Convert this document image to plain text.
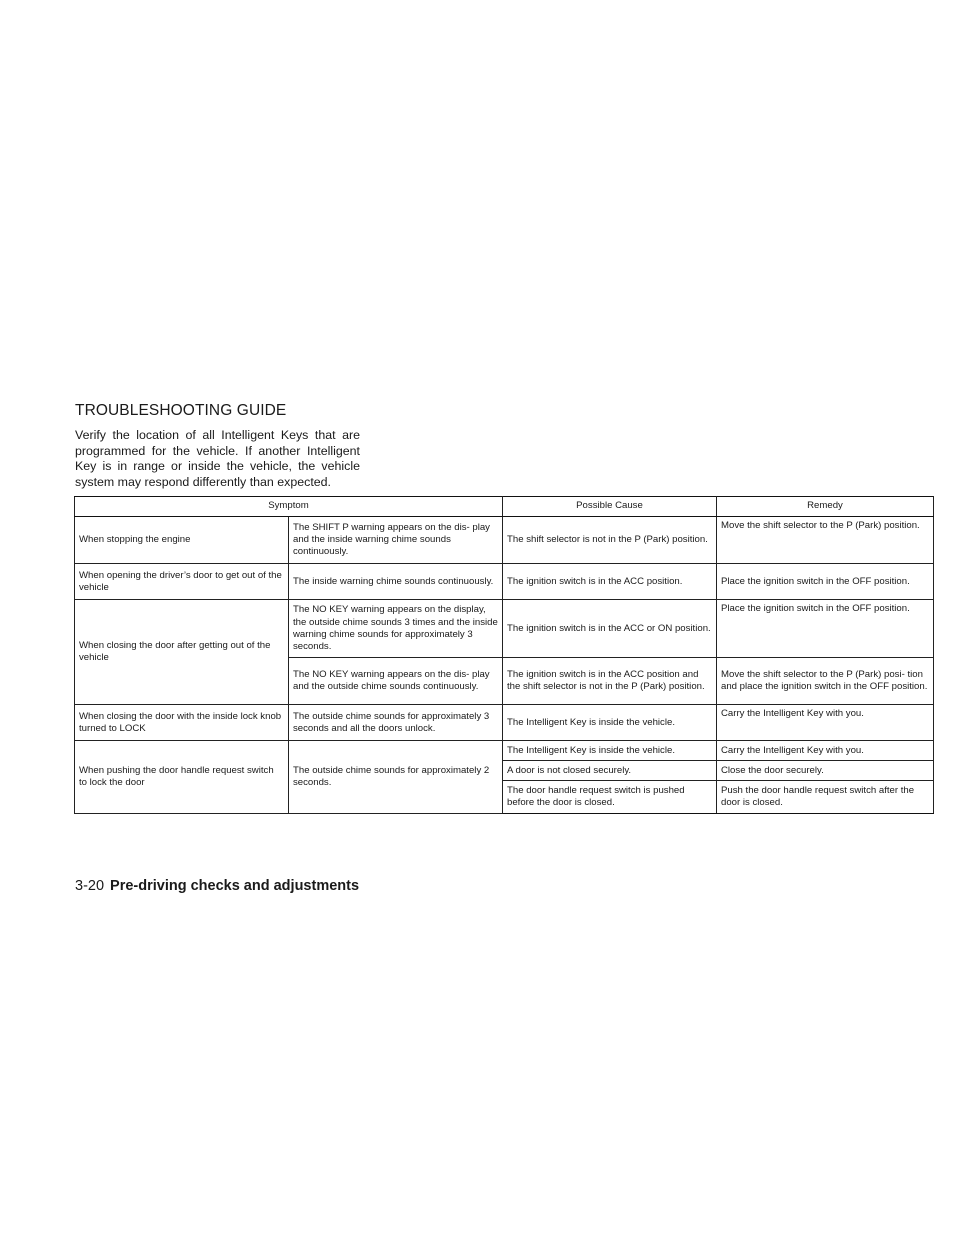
TROUBLESHOOTING GUIDE

Verify the location of all Intelligent Keys that are programmed for the vehicle. If another Intelligent Key is in range or inside the vehicle, the vehicle system may respond differently than expected.

Symptom		Possible Cause	Remedy
When stopping the engine	The SHIFT P warning appears on the dis- play and the inside warning chime sounds continuously.	The shift selector is not in the P (Park) position.	Move the shift selector to the P (Park) position.
When opening the driver’s door to get out of the vehicle	The inside warning chime sounds continuously.	The ignition switch is in the ACC position.	Place the ignition switch in the OFF position.
When closing the door after getting out of the vehicle	The NO KEY warning appears on the display, the outside chime sounds 3 times and the inside warning chime sounds for approximately 3 seconds.	The ignition switch is in the ACC or ON position.	Place the ignition switch in the OFF position.
	The NO KEY warning appears on the dis- play and the outside chime sounds continuously.	The ignition switch is in the ACC position and the shift selector is not in the P (Park) position.	Move the shift selector to the P (Park) posi- tion and place the ignition switch in the OFF position.
When closing the door with the inside lock knob turned to LOCK	The outside chime sounds for approximately 3 seconds and all the doors unlock.	The Intelligent Key is inside the vehicle.	Carry the Intelligent Key with you.
When pushing the door handle request switch to lock the door	The outside chime sounds for approximately 2 seconds.	The Intelligent Key is inside the vehicle.	Carry the Intelligent Key with you.
		A door is not closed securely.	Close the door securely.
		The door handle request switch is pushed before the door is closed.	Push the door handle request switch after the door is closed.
3-20 Pre-driving checks and adjustments
